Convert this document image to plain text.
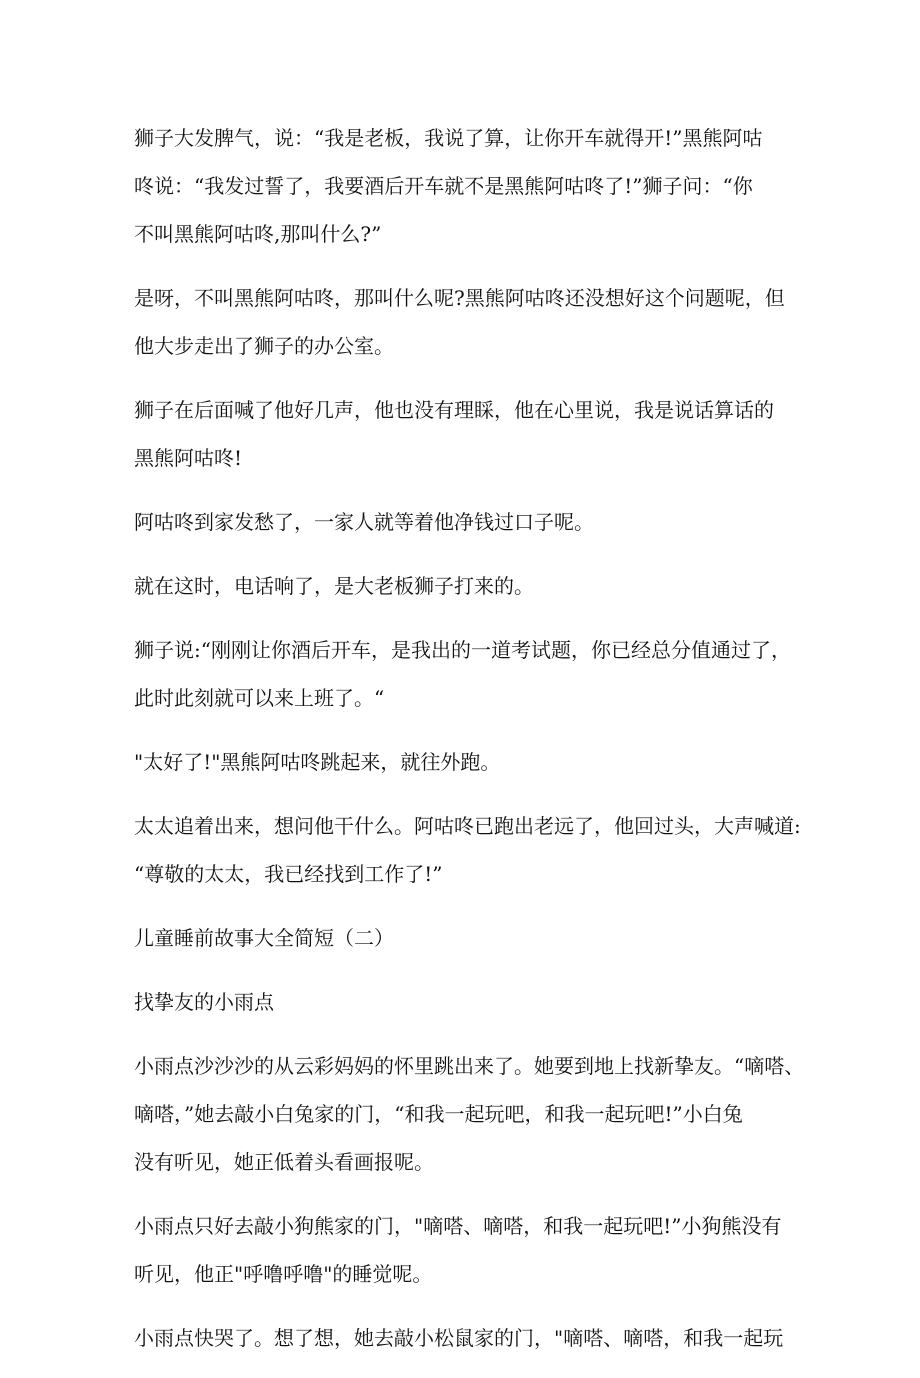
狮子大发脾气，说：“我是老板，我说了算，让你开车就得开!”黑熊阿咕
咚说：“我发过誓了，我要酒后开车就不是黑熊阿咕咚了!”狮子问：“你
不叫黑熊阿咕咚,那叫什么?”

是呀，不叫黑熊阿咕咚，那叫什么呢?黑熊阿咕咚还没想好这个问题呢，但
他大步走出了狮子的办公室。

狮子在后面喊了他好几声，他也没有理睬，他在心里说，我是说话算话的
黑熊阿咕咚!

阿咕咚到家发愁了，一家人就等着他净钱过口子呢。

就在这时，电话响了，是大老板狮子打来的。

狮子说:“刚刚让你酒后开车，是我出的一道考试题，你已经总分值通过了，
此时此刻就可以来上班了。“

"太好了!"黑熊阿咕咚跳起来，就往外跑。

太太追着出来，想问他干什么。阿咕咚已跑出老远了，他回过头，大声喊道:
“尊敬的太太，我已经找到工作了!”

儿童睡前故事大全简短（二）

找挚友的小雨点

小雨点沙沙沙的从云彩妈妈的怀里跳出来了。她要到地上找新挚友。“嘀嗒、
嘀嗒，”她去敲小白兔家的门，“和我一起玩吧，和我一起玩吧!”小白兔
没有听见，她正低着头看画报呢。

小雨点只好去敲小狗熊家的门，"嘀嗒、嘀嗒，和我一起玩吧!”小狗熊没有
听见，他正"呼噜呼噜"的睡觉呢。

小雨点快哭了。想了想，她去敲小松鼠家的门，"嘀嗒、嘀嗒，和我一起玩
